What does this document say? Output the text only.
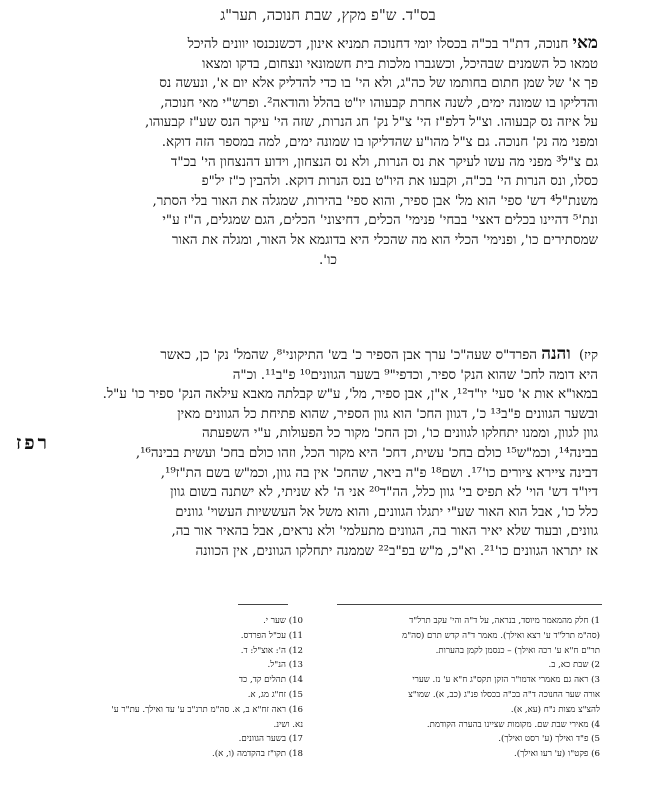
בס"ד. ש"פ מקץ, שבת חנוכה, תער"ג

מאי חנוכה, דת"ר בכ"ה בכסלו יומי דחנוכה תמניא אינון, דכשנכנסו יוונים להיכל

טמאו כל השמנים שבהיכל, וכשגברו מלכות בית חשמונאי ונצחום, בדקו ומצאו

פך א' של שמן חתום בחותמו של כה"ג, ולא הי' בו כדי להדליק אלא יום א', ונעשה נס

והדליקו בו שמונה ימים, לשנה אחרת קבעוהו יו"ט בהלל והודאה². ופרש"י מאי חנוכה,

על איזה נס קבעוהו. וצ"ל דלפ"ז הי' צ"ל נק' חג הנרות, שזה הי' עיקר הנס שע"ז קבעוהו,

ומפני מה נק' חנוכה. גם צ"ל מהו"ע שהדליקו בו שמונה ימים, למה במספר הזה דוקא.

גם צ"ל³ מפני מה עשו לעיקר את נס הנרות, ולא נס הנצחון, וידוע דהנצחון הי' בכ"ד

כסלו, ונס הנרות הי' בכ"ה, וקבעו את היו"ט בנס הנרות דוקא. ולהבין כ"ז יל"פ

משנת"ל⁴ דש' ספי' הוא מל' אבן ספיר, והוא ספי' בהירות, שמגלה את האור בלי הסתר,

ונת'⁵ דהיינו בכלים דאצי' בבחי' פנימי' הכלים, דחיצוני' הכלים, הגם שמגלים, ה"ז ע"י

שמסתירים כו', ופנימי' הכלי הוא מה שהכלי היא בדוגמא אל האור, ומגלה את האור

כו'.

קיז) והנה הפרד"ס שעה"כ' ערך אבן הספיר כ' בש' התיקוני'⁸, שהמל' נק' כן, כאשר

היא דומה לחכ' שהוא הנק' ספיר, וכדפי"⁹ בשער הגוונים¹⁰ פ"ב¹¹. וכ"ה

במאו"א אות א' סעי' יו"ד¹², א"ן, אבן ספיר, מל', ע"ש קבלתה מאבא עילאה הנק' ספיר כו' ע"ל.

ובשער הגוונים פ"ב¹³ כ', דגוון החכ' הוא גוון הספיר, שהוא פתיחת כל הגוונים מאין

גוון לגוון, וממנו יתחלקו לגוונים כו', וכן החכ' מקור כל הפעולות, ע"י השפעתה

בבינה¹⁴, וכמ"ש¹⁵ כולם בחכ' עשית, דחכ' היא מקור הכל, וזהו כולם בחכ' ועשית בבינה¹⁶,

דבינה ציירא ציורים כו'¹⁷. ושם¹⁸ פ"ה ביאר, שהחכ' אין בה גוון, וכמ"ש בשם הת"ז¹⁹,

דיו"ד דש' הוי' לא תפיס בי' גוון כלל, הה"ד²⁰ אני ה' לא שניתי, לא ישתנה בשום גוון

כלל כו', אבל הוא האור שע"י יתגלו הגוונים, והוא משל אל העששיות העשוי' גוונים

גוונים, ובעוד שלא יאיר האור בה, הגוונים מתעלמי' ולא נראים, אבל בהאיר אור בה,

אז יתראו הגוונים כו'²¹. וא"כ, מ"ש בפ"ב²² שממנה יתחלקו הגוונים, אין הכוונה

רפז

1) חלק מהמאמר מיוסד, בנראה, על ד"ה והי' עקב תרל"ד

(סה"מ תרל"ד ע' רצא ואילך). מאמר ד"ה קדש תרם (סה"מ

תר"ם ח"א ע' רכה ואילך) – כנסמן לקמן בהערות.

2) שבת כא, ב.

3) ראה גם מאמרי אדמו"ר הזקן תקס"ג ח"א ע' נז. שערי

אורה שער החנוכה ד"ה בכ"ה בכסלו פנ"ג (כב, א). שמו"צ

להצ"צ מצות נ"ח (עא, א).

4) מאירי שבת שם. מקומות שציינו בהערה הקודמת.

5) פ"ד ואילך (ע' רסט ואילך).

6) פקט"ו (ע' רעו ואילך).

10) שער י.

11) עכ"ל הפרדס.

12) ה': אוצ"ל: ד.

13) הנ"ל.

14) תהלים קד, כד

15) זח"ג מג, א.

16) ראה זח"א ב, א. סה"מ תרנ"ב ע' עד ואילך. עת"ר ע'

נא. ושינ.

17) בשער הגוונים.

18) תקו"ז בהקדמה (ו, א).
